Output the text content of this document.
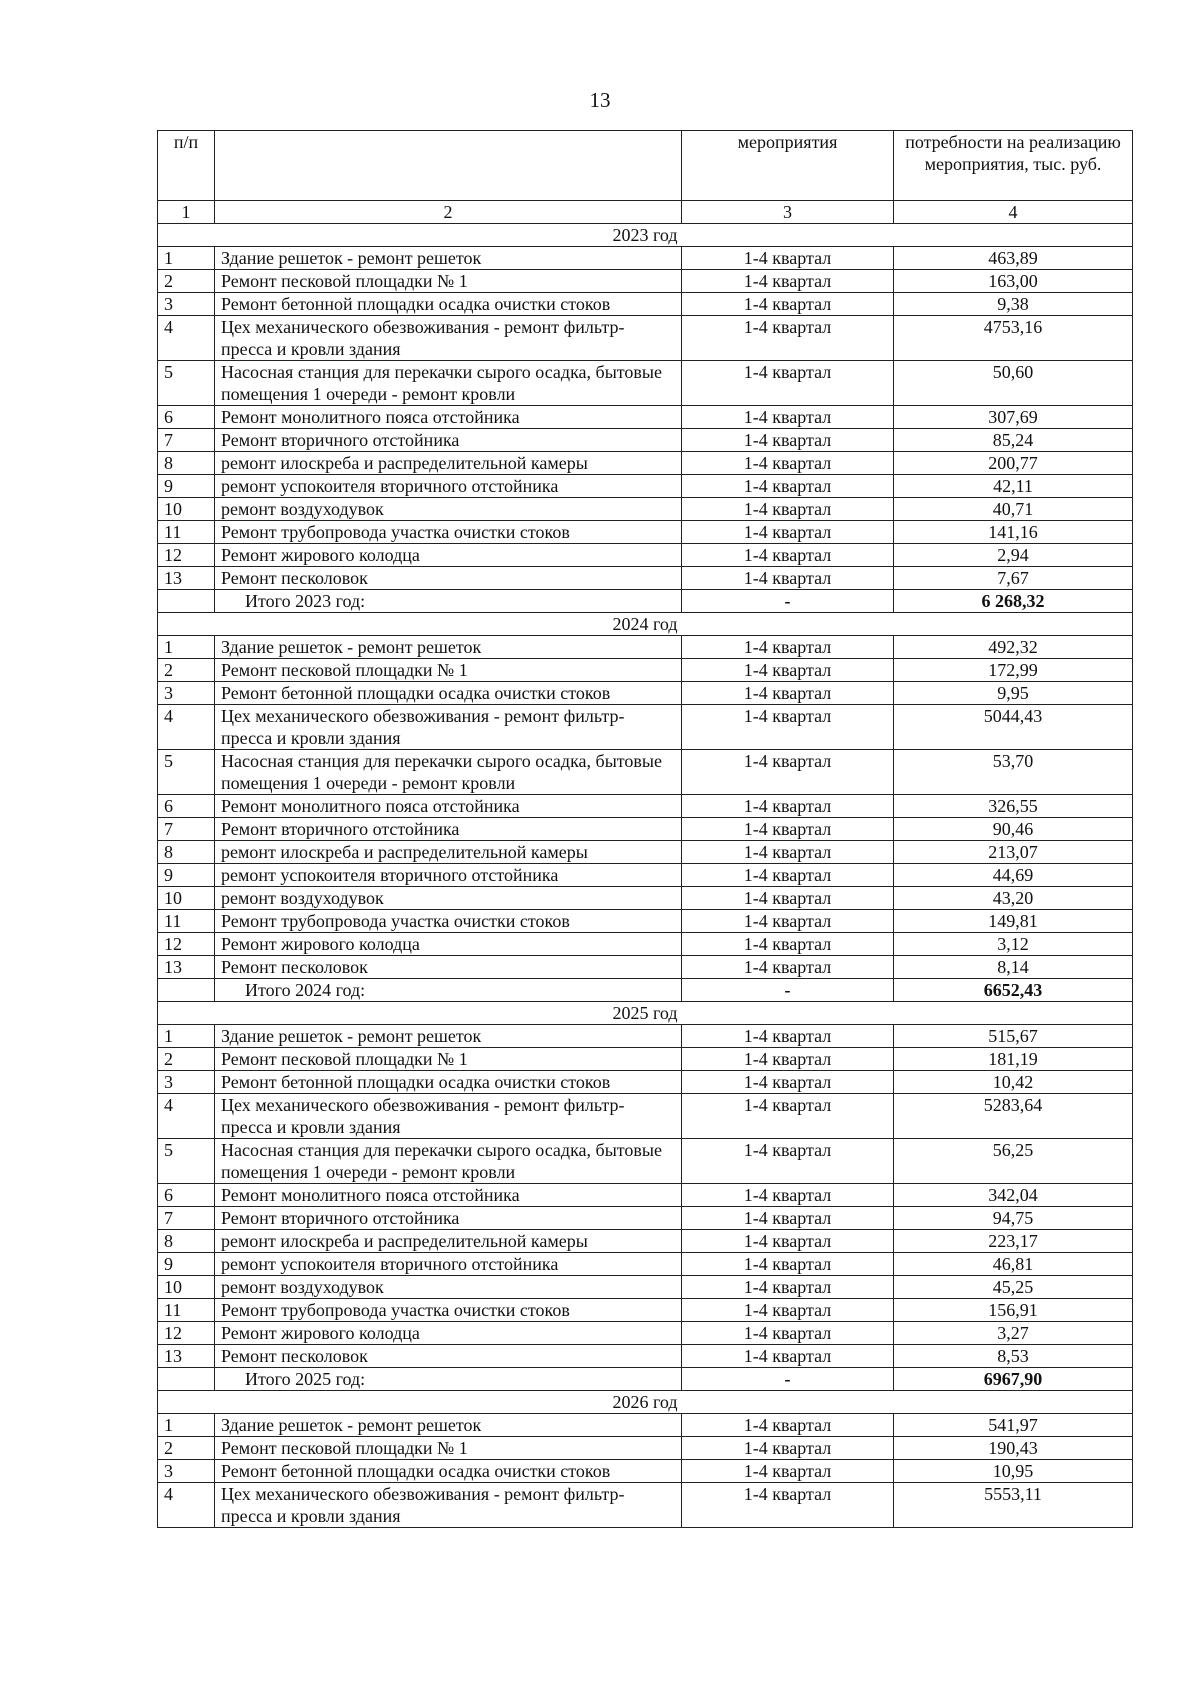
13
п/п		мероприятия	потребности на реализацию мероприятия, тыс. руб.
1	2	3	4
2023 год			
1	Здание решеток - ремонт решеток	1-4 квартал	463,89
2	Ремонт песковой площадки № 1	1-4 квартал	163,00
3	Ремонт бетонной площадки осадка очистки стоков	1-4 квартал	9,38
4	Цех механического обезвоживания - ремонт фильтр-пресса и кровли здания	1-4 квартал	4753,16
5	Насосная станция для перекачки сырого осадка, бытовые помещения 1 очереди - ремонт кровли	1-4 квартал	50,60
6	Ремонт монолитного пояса отстойника	1-4 квартал	307,69
7	Ремонт вторичного отстойника	1-4 квартал	85,24
8	ремонт илоскреба и распределительной камеры	1-4 квартал	200,77
9	ремонт успокоителя вторичного отстойника	1-4 квартал	42,11
10	ремонт воздуходувок	1-4 квартал	40,71
11	Ремонт трубопровода участка очистки стоков	1-4 квартал	141,16
12	Ремонт жирового колодца	1-4 квартал	2,94
13	Ремонт песколовок	1-4 квартал	7,67
	Итого 2023 год:	-	6 268,32
2024 год			
1	Здание решеток - ремонт решеток	1-4 квартал	492,32
2	Ремонт песковой площадки № 1	1-4 квартал	172,99
3	Ремонт бетонной площадки осадка очистки стоков	1-4 квартал	9,95
4	Цех механического обезвоживания - ремонт фильтр-пресса и кровли здания	1-4 квартал	5044,43
5	Насосная станция для перекачки сырого осадка, бытовые помещения 1 очереди - ремонт кровли	1-4 квартал	53,70
6	Ремонт монолитного пояса отстойника	1-4 квартал	326,55
7	Ремонт вторичного отстойника	1-4 квартал	90,46
8	ремонт илоскреба и распределительной камеры	1-4 квартал	213,07
9	ремонт успокоителя вторичного отстойника	1-4 квартал	44,69
10	ремонт воздуходувок	1-4 квартал	43,20
11	Ремонт трубопровода участка очистки стоков	1-4 квартал	149,81
12	Ремонт жирового колодца	1-4 квартал	3,12
13	Ремонт песколовок	1-4 квартал	8,14
	Итого 2024 год:	-	6652,43
2025 год			
1	Здание решеток - ремонт решеток	1-4 квартал	515,67
2	Ремонт песковой площадки № 1	1-4 квартал	181,19
3	Ремонт бетонной площадки осадка очистки стоков	1-4 квартал	10,42
4	Цех механического обезвоживания - ремонт фильтр-пресса и кровли здания	1-4 квартал	5283,64
5	Насосная станция для перекачки сырого осадка, бытовые помещения 1 очереди - ремонт кровли	1-4 квартал	56,25
6	Ремонт монолитного пояса отстойника	1-4 квартал	342,04
7	Ремонт вторичного отстойника	1-4 квартал	94,75
8	ремонт илоскреба и распределительной камеры	1-4 квартал	223,17
9	ремонт успокоителя вторичного отстойника	1-4 квартал	46,81
10	ремонт воздуходувок	1-4 квартал	45,25
11	Ремонт трубопровода участка очистки стоков	1-4 квартал	156,91
12	Ремонт жирового колодца	1-4 квартал	3,27
13	Ремонт песколовок	1-4 квартал	8,53
	Итого 2025 год:	-	6967,90
2026 год			
1	Здание решеток - ремонт решеток	1-4 квартал	541,97
2	Ремонт песковой площадки № 1	1-4 квартал	190,43
3	Ремонт бетонной площадки осадка очистки стоков	1-4 квартал	10,95
4	Цех механического обезвоживания - ремонт фильтр-пресса и кровли здания	1-4 квартал	5553,11
